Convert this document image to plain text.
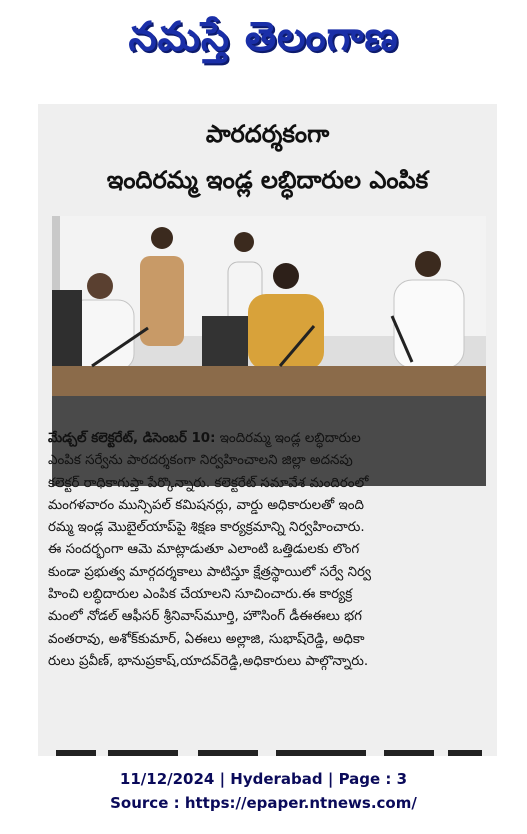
నమస్తే తెలంగాణ
పారదర్శకంగా
ఇందిరమ్మ ఇండ్ల లబ్ధిదారుల ఎంపిక
మేడ్చల్ కలెక్టరేట్, డిసెంబర్ 10: ఇందిరమ్మ ఇండ్ల లబ్ధిదారుల
ఎంపిక సర్వేను పారదర్శకంగా నిర్వహించాలని జిల్లా అదనపు
కలెక్టర్ రాధికాగుప్తా పేర్కొన్నారు. కలెక్టరేట్ సమావేశ మందిరంలో
మంగళవారం మున్సిపల్ కమిషనర్లు, వార్డు అధికారులతో ఇంది
రమ్మ ఇండ్ల మొబైల్‌యాప్‌పై శిక్షణ కార్యక్రమాన్ని నిర్వహించారు.
ఈ సందర్భంగా ఆమె మాట్లాడుతూ ఎలాంటి ఒత్తిడులకు లొంగ
కుండా ప్రభుత్వ మార్గదర్శకాలు పాటిస్తూ క్షేత్రస్థాయిలో సర్వే నిర్వ
హించి లబ్ధిదారుల ఎంపిక చేయాలని సూచించారు.ఈ కార్యక్ర
మంలో నోడల్ ఆఫీసర్ శ్రీనివాస్‌మూర్తి, హౌసింగ్ డీఈఈలు భగ
వంతరావు, అశోక్‌కుమార్, ఏఈలు అల్లాజి, సుభాష్‌రెడ్డి, అధికా
రులు ప్రవీణ్, భానుప్రకాష్,యాదవ్‌రెడ్డి,అధికారులు పాల్గొన్నారు.
11/12/2024 | Hyderabad | Page : 3
Source : https://epaper.ntnews.com/
